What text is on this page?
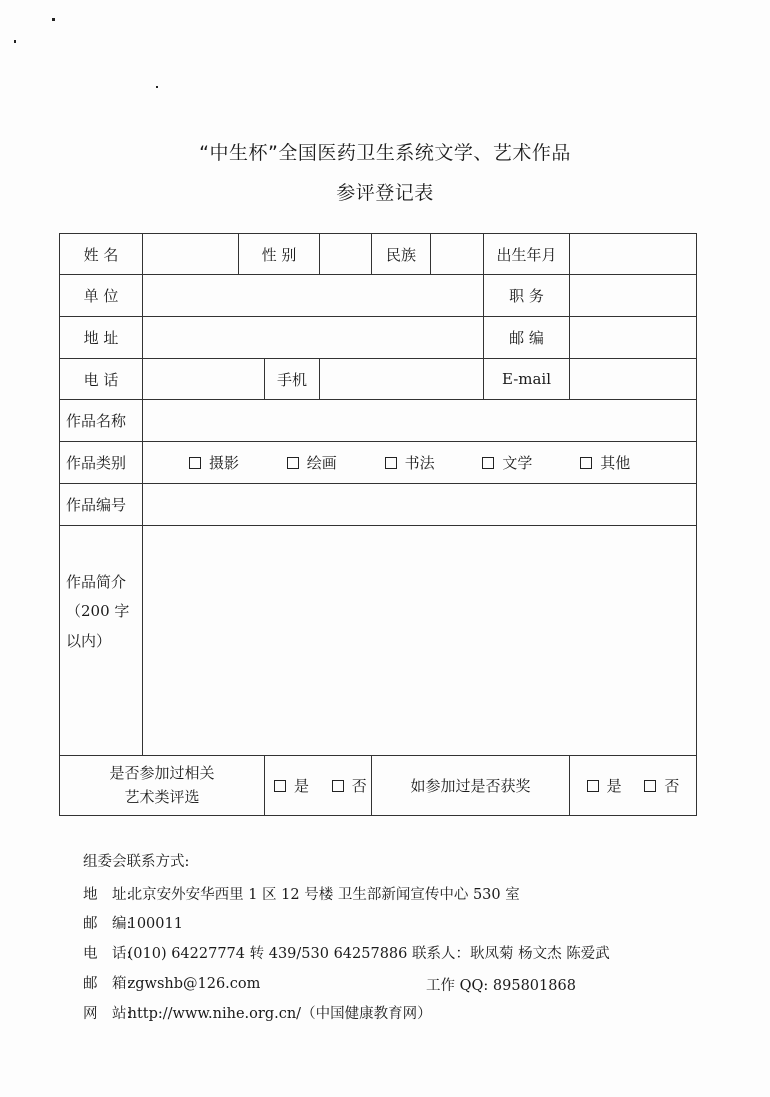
“中生杯”全国医药卫生系统文学、艺术作品
参评登记表
姓 名		性 别			民族		出生年月	
单 位							职 务	
地 址							邮 编	
电 话			手机				E-mail	
作品名称								
作品类别	摄影 绘画 书法 文学 其他							
作品编号								

作品简介
（200 字
以内）								

是否参加过相关
艺术类评选			是 否		如参加过是否获奖			是 否
组委会联系方式:
地　址: 北京安外安华西里 1 区 12 号楼 卫生部新闻宣传中心 530 室
邮　编: 100011
电　话: (010) 64227774 转 439/530 64257886 联系人：耿凤菊 杨文杰 陈爱武
邮　箱: zgwshb@126.com	工作 QQ: 895801868
网　站: http://www.nihe.org.cn/（中国健康教育网）
